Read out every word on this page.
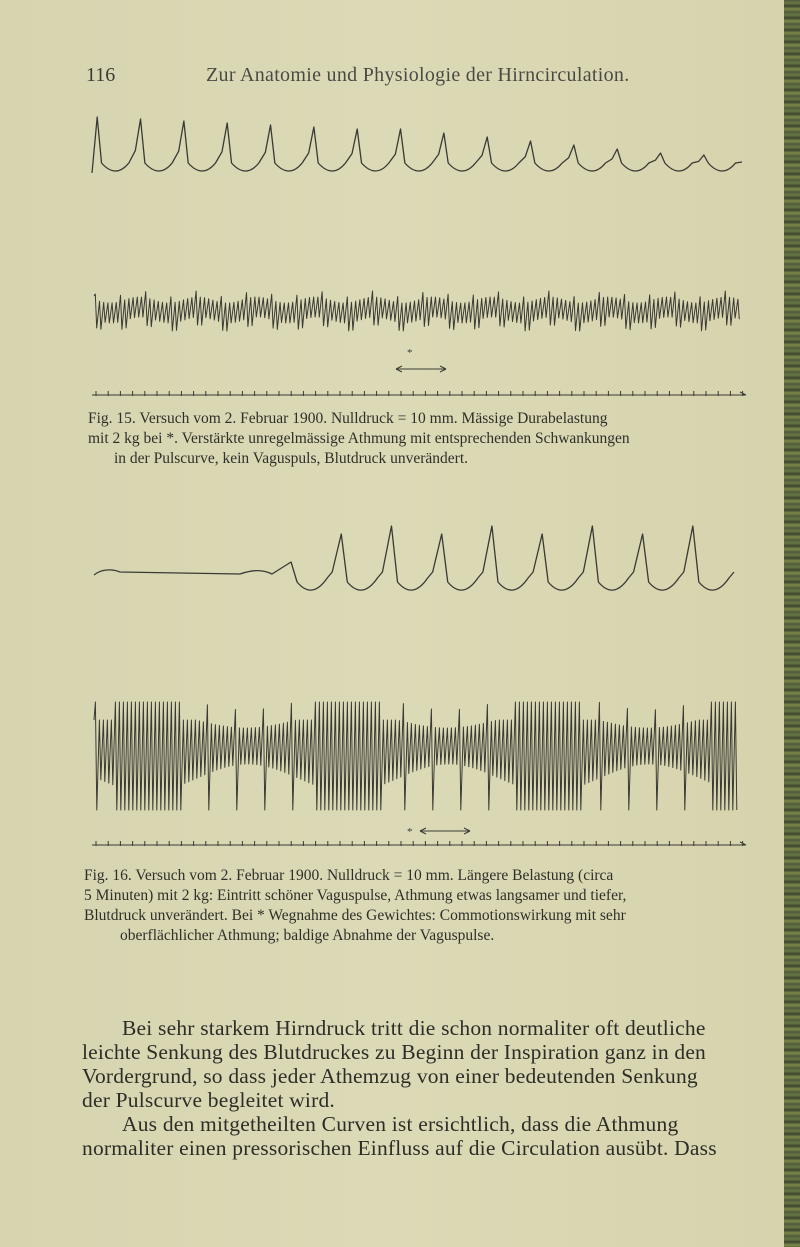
116	Zur Anatomie und Physiologie der Hirncirculation.
*
Fig. 15. Versuch vom 2. Februar 1900. Nulldruck = 10 mm. Mässige Durabelastung
mit 2 kg bei *. Verstärkte unregelmässige Athmung mit entsprechenden Schwankungen
in der Pulscurve, kein Vaguspuls, Blutdruck unverändert.
*
Fig. 16. Versuch vom 2. Februar 1900. Nulldruck = 10 mm. Längere Belastung (circa
5 Minuten) mit 2 kg: Eintritt schöner Vaguspulse, Athmung etwas langsamer und tiefer,
Blutdruck unverändert. Bei * Wegnahme des Gewichtes: Commotionswirkung mit sehr
oberflächlicher Athmung; baldige Abnahme der Vaguspulse.
Bei sehr starkem Hirndruck tritt die schon normaliter oft deutliche
leichte Senkung des Blutdruckes zu Beginn der Inspiration ganz in den
Vordergrund, so dass jeder Athemzug von einer bedeutenden Senkung
der Pulscurve begleitet wird.
Aus den mitgetheilten Curven ist ersichtlich, dass die Athmung
normaliter einen pressorischen Einfluss auf die Circulation ausübt. Dass
